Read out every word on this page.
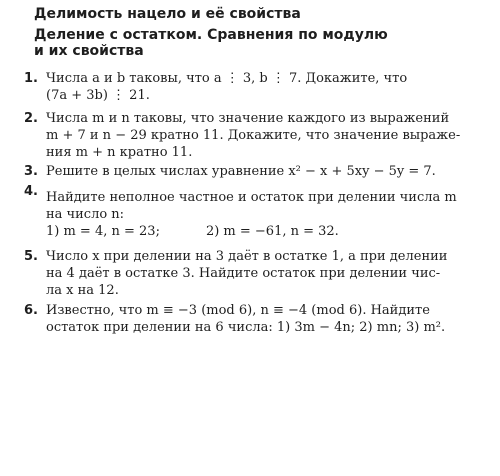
Делимость нацело и её свойства
Деление с остатком. Сравнения по модулю
и их свойства
1. Числа a и b таковы, что a ⋮ 3, b ⋮ 7. Докажите, что
(7a + 3b) ⋮ 21.
2. Числа m и n таковы, что значение каждого из выражений
m + 7 и n − 29 кратно 11. Докажите, что значение выраже-
ния m + n кратно 11.
3. Решите в целых числах уравнение x² − x + 5xy − 5y = 7.
4. Найдите неполное частное и остаток при делении числа m
на число n:
1) m = 4, n = 23;	2) m = −61, n = 32.
5. Число x при делении на 3 даёт в остатке 1, а при делении
на 4 даёт в остатке 3. Найдите остаток при делении чис-
ла x на 12.
6. Известно, что m ≡ −3 (mod 6), n ≡ −4 (mod 6). Найдите
остаток при делении на 6 числа: 1) 3m − 4n; 2) mn; 3) m².
